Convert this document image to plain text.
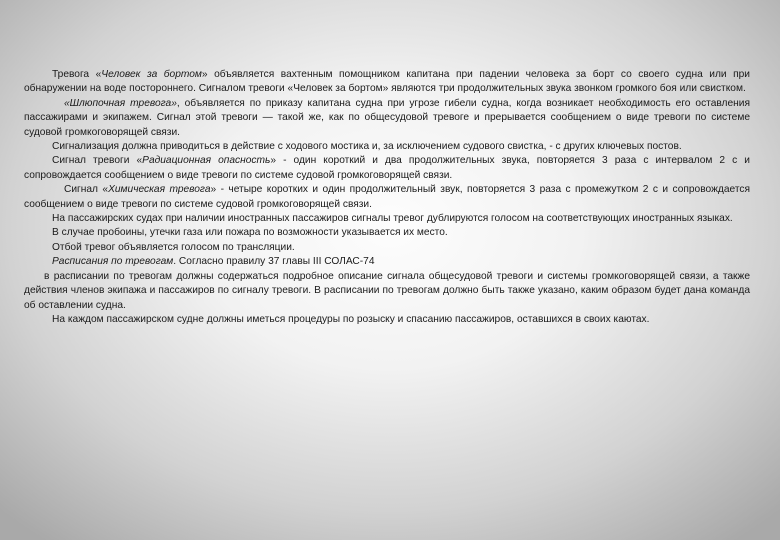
Тревога «Человек за бортом» объявляется вахтенным помощником капитана при падении человека за борт со своего судна или при обнаружении на воде постороннего. Сигналом тревоги «Человек за бортом» являются три продолжительных звука звонком громкого боя или свистком.

«Шлюпочная тревога», объявляется по приказу капитана судна при угрозе гибели судна, когда возникает необходимость его оставления пассажирами и экипажем. Сигнал этой тревоги — такой же, как по общесудовой тревоге и прерывается сообщением о виде тревоги по системе судовой громкоговорящей связи.

Сигнализация должна приводиться в действие с ходового мостика и, за исключением судового свистка, - с других ключевых постов.

Сигнал тревоги «Радиационная опасность» - один короткий и два продолжительных звука, повторяется 3 раза с интервалом 2 с и сопровождается сообщением о виде тревоги по системе судовой громкоговорящей связи.

Сигнал «Химическая тревога» - четыре коротких и один продолжительный звук, повторяется 3 раза с промежутком 2 с и сопровождается сообщением о виде тревоги по системе судовой громкоговорящей связи.

На пассажирских судах при наличии иностранных пассажиров сигналы тревог дублируются голосом на соответствующих иностранных языках.

В случае пробоины, утечки газа или пожара по возможности указывается их место.

Отбой тревог объявляется голосом по трансляции.

Расписания по тревогам. Согласно правилу 37 главы III СОЛАС-74

в расписании по тревогам должны содержаться подробное описание сигнала общесудовой тревоги и системы громкоговорящей связи, а также действия членов экипажа и пассажиров по сигналу тревоги. В расписании по тревогам должно быть также указано, каким образом будет дана команда об оставлении судна.

На каждом пассажирском судне должны иметься процедуры по розыску и спасанию пассажиров, оставшихся в своих каютах.
